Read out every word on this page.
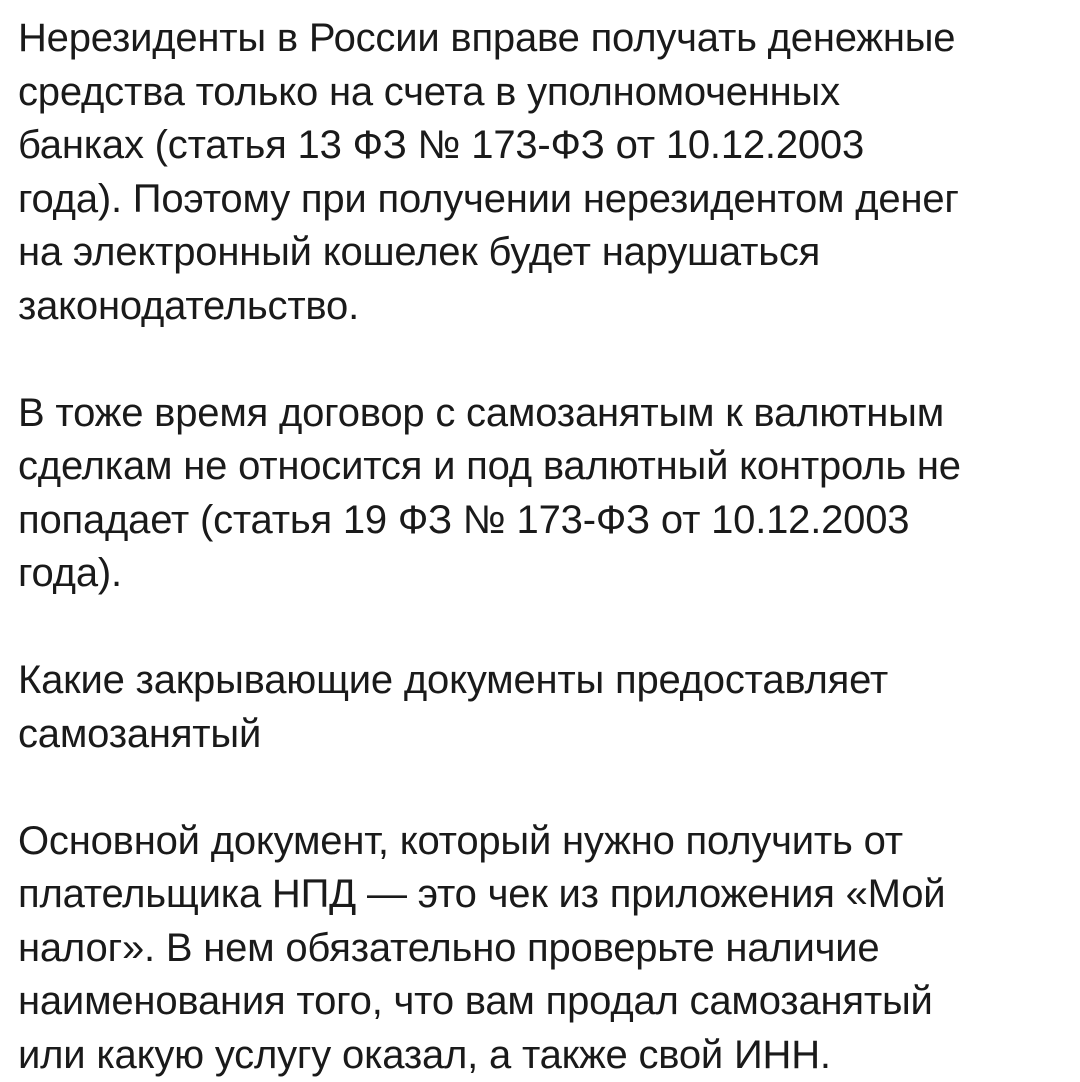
Нерезиденты в России вправе получать денежные
средства только на счета в уполномоченных
банках (статья 13 ФЗ № 173-ФЗ от 10.12.2003
года). Поэтому при получении нерезидентом денег
на электронный кошелек будет нарушаться
законодательство.

В тоже время договор с самозанятым к валютным
сделкам не относится и под валютный контроль не
попадает (статья 19 ФЗ № 173-ФЗ от 10.12.2003
года).

Какие закрывающие документы предоставляет
самозанятый

Основной документ, который нужно получить от
плательщика НПД — это чек из приложения «Мой
налог». В нем обязательно проверьте наличие
наименования того, что вам продал самозанятый
или какую услугу оказал, а также свой ИНН.
